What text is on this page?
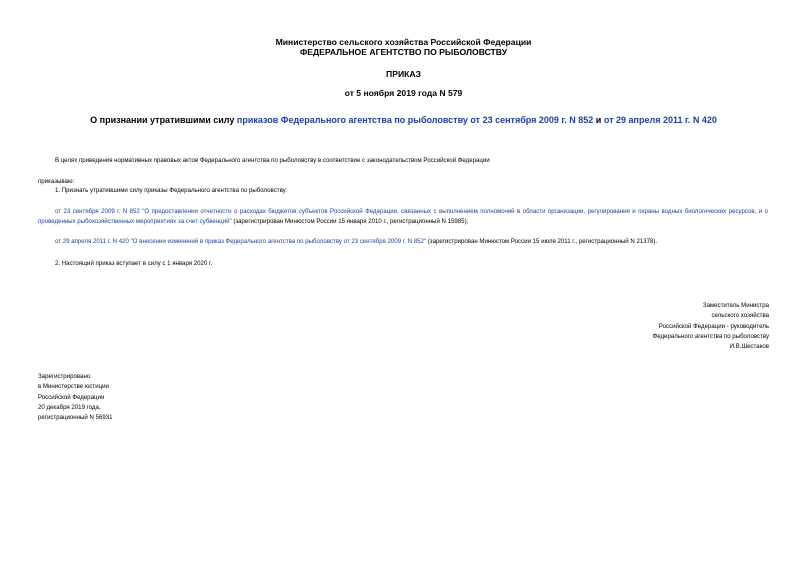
Министерство сельского хозяйства Российской Федерации
ФЕДЕРАЛЬНОЕ АГЕНТСТВО ПО РЫБОЛОВСТВУ
ПРИКАЗ
от 5 ноября 2019 года N 579
О признании утратившими силу приказов Федерального агентства по рыболовству от 23 сентября 2009 г. N 852 и от 29 апреля 2011 г. N 420
В целях приведения нормативных правовых актов Федерального агентства по рыболовству в соответствие с законодательством Российской Федерации
приказываю:
1. Признать утратившими силу приказы Федерального агентства по рыболовству:
от 23 сентября 2009 г. N 852 "О предоставлении отчетности о расходах бюджетов субъектов Российской Федерации, связанных с выполнением полномочий в области организации, регулирования и охраны водных биологических ресурсов, и о проведенных рыбохозяйственных мероприятиях за счет субвенций" (зарегистрирован Минюстом России 15 января 2010 г., регистрационный N 15985);
от 29 апреля 2011 г. N 420 "О внесении изменений в приказ Федерального агентства по рыболовству от 23 сентября 2009 г. N 852" (зарегистрирован Минюстом России 15 июля 2011 г., регистрационный N 21378).
2. Настоящий приказ вступает в силу с 1 января 2020 г.
Заместитель Министра
сельского хозяйства
Российской Федерации - руководитель
Федерального агентства по рыболовству
И.В.Шестаков
Зарегистрировано
в Министерстве юстиции
Российской Федерации
20 декабря 2019 года,
регистрационный N 56931
